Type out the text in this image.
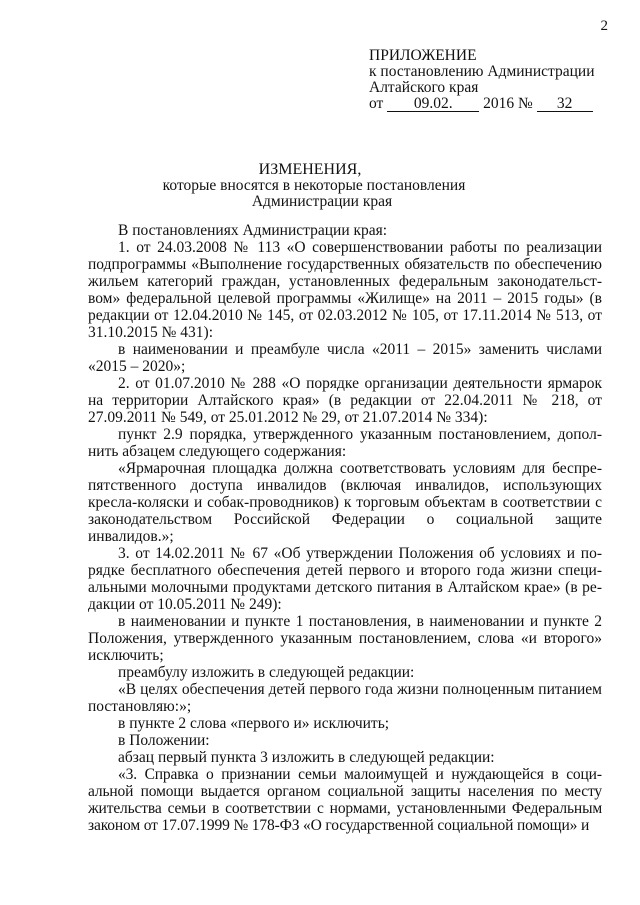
2
ПРИЛОЖЕНИЕ
к постановлению Администрации
Алтайского края
от 09.02. 2016 № 32
ИЗМЕНЕНИЯ,
которые вносятся в некоторые постановления
Администрации края

В постановлениях Администрации края:

1. от 24.03.2008 № 113 «О совершенствовании работы по реализации подпрограммы «Выполнение государственных обязательств по обеспечению жильем категорий граждан, установленных федеральным законодательством» федеральной целевой программы «Жилище» на 2011 – 2015 годы» (в редакции от 12.04.2010 № 145, от 02.03.2012 № 105, от 17.11.2014 № 513, от 31.10.2015 № 431):

в наименовании и преамбуле числа «2011 – 2015» заменить числами «2015 – 2020»;

2. от 01.07.2010 № 288 «О порядке организации деятельности ярмарок на территории Алтайского края» (в редакции от 22.04.2011 № 218, от 27.09.2011 № 549, от 25.01.2012 № 29, от 21.07.2014 № 334):

пункт 2.9 порядка, утвержденного указанным постановлением, дополнить абзацем следующего содержания:

«Ярмарочная площадка должна соответствовать условиям для беспрепятственного доступа инвалидов (включая инвалидов, использующих кресла-коляски и собак-проводников) к торговым объектам в соответствии с законодательством Российской Федерации о социальной защите инвалидов.»;

3. от 14.02.2011 № 67 «Об утверждении Положения об условиях и порядке бесплатного обеспечения детей первого и второго года жизни специальными молочными продуктами детского питания в Алтайском крае» (в редакции от 10.05.2011 № 249):

в наименовании и пункте 1 постановления, в наименовании и пункте 2 Положения, утвержденного указанным постановлением, слова «и второго» исключить;

преамбулу изложить в следующей редакции:

«В целях обеспечения детей первого года жизни полноценным питанием постановляю:»;

в пункте 2 слова «первого и» исключить;

в Положении:

абзац первый пункта 3 изложить в следующей редакции:

«3. Справка о признании семьи малоимущей и нуждающейся в социальной помощи выдается органом социальной защиты населения по месту жительства семьи в соответствии с нормами, установленными Федеральным законом от 17.07.1999 № 178-ФЗ «О государственной социальной помощи» и
